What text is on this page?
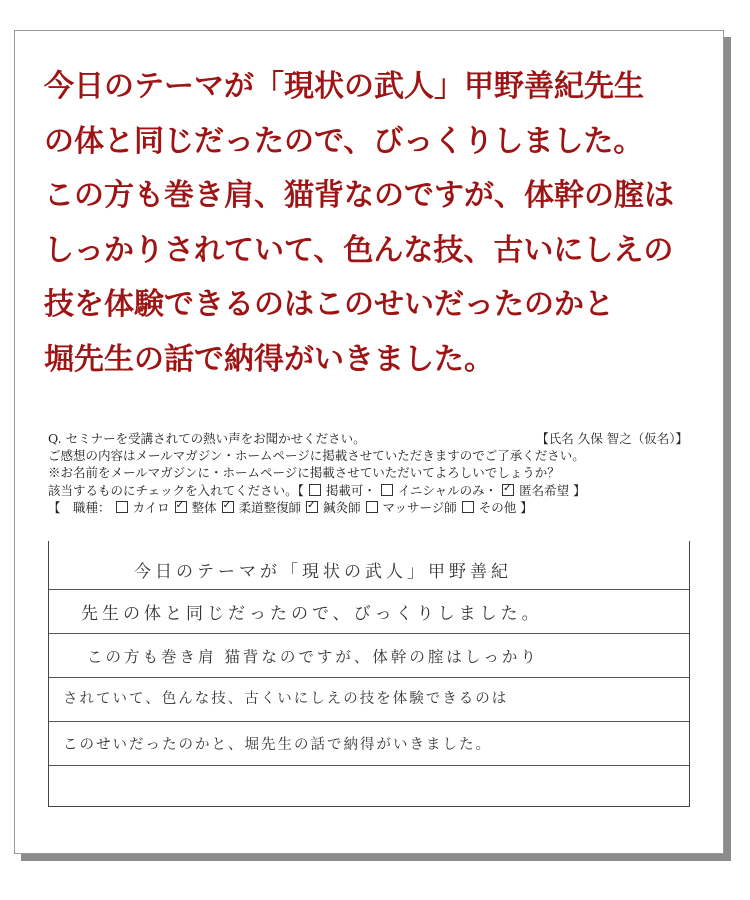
今日のテーマが「現状の武人」甲野善紀先生
の体と同じだったので、びっくりしました。
この方も巻き肩、猫背なのですが、体幹の腟は
しっかりされていて、色んな技、古いにしえの
技を体験できるのはこのせいだったのかと
堀先生の話で納得がいきました。
Q. セミナーを受講されての熱い声をお聞かせください。	【氏名 久保 智之（仮名）】
ご感想の内容はメールマガジン・ホームページに掲載させていただきますのでご了承ください。
※お名前をメールマガジンに・ホームページに掲載させていただいてよろしいでしょうか？
該当するものにチェックを入れてください。【 掲載可・ イニシャルのみ・ ✓ 匿名希望 】
【　職種： カイロ ✓ 整体 ✓ 柔道整復師 ✓ 鍼灸師 マッサージ師 その他 】
今日のテーマが「現状の武人」甲野善紀
先生の体と同じだったので、びっくりしました。
この方も巻き肩 猫背なのですが、体幹の腟はしっかり
されていて、色んな技、古くいにしえの技を体験できるのは
このせいだったのかと、堀先生の話で納得がいきました。
